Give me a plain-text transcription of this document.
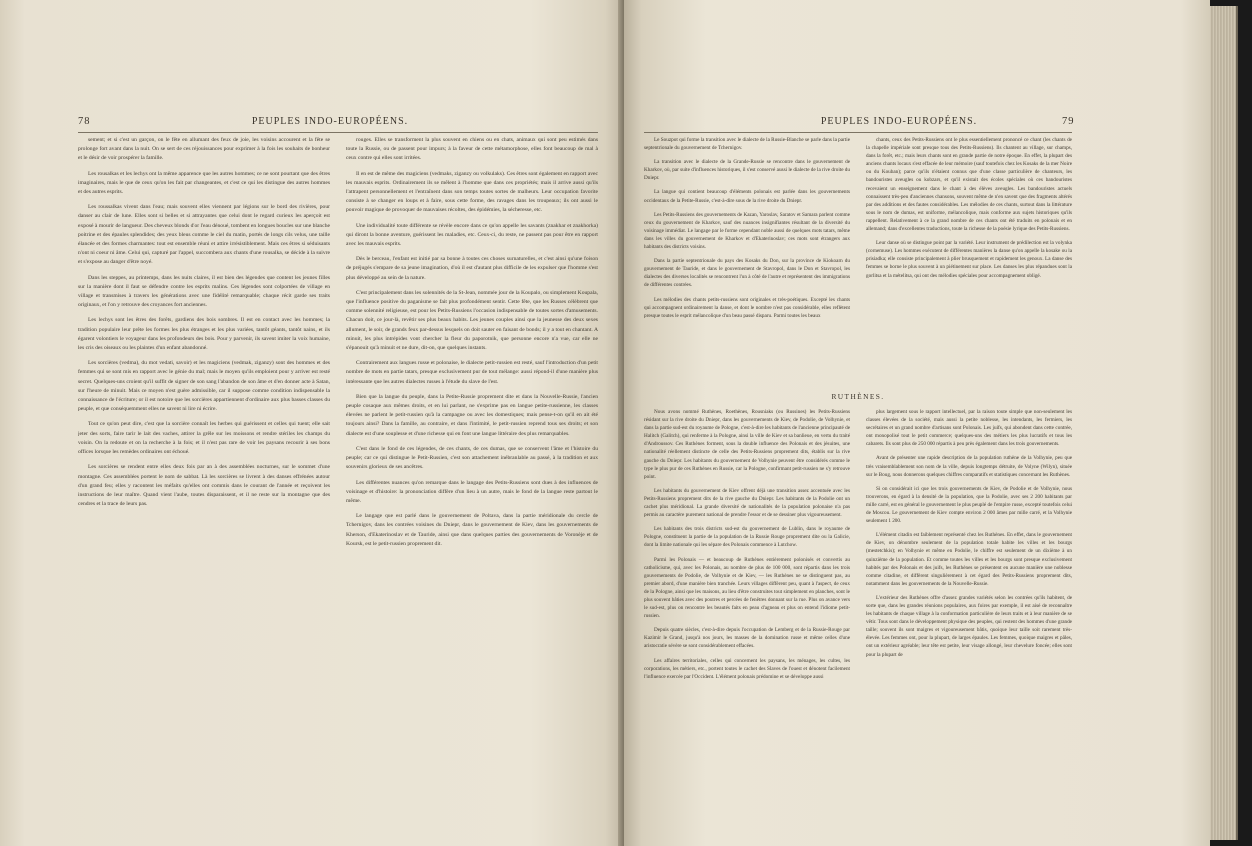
78	PEUPLES INDO-EUROPÉENS.

sement; et si c'est un garçon, on le fête en allumant des feux de joie, les voisins accourent et la fête se prolonge fort avant dans la nuit. On se sert de ces réjouissances pour exprimer à la fois les souhaits de bonheur et le désir de voir prospérer la famille.

Les rousalkas et les lechys ont la même apparence que les autres hommes; ce ne sont pourtant que des êtres imaginaires, mais le que de ceux qu'on les fait par changeantes, et c'est ce qui les distingue des autres hommes et des autres esprits.

Les roussalkas vivent dans l'eau; mais souvent elles viennent par légions sur le bord des rivières, pour danser au clair de lune. Elles sont si belles et si attrayantes que celui dont le regard curieux les aperçoit est exposé à mourir de langueur. Des cheveux blonds d'or l'eau dénoué, tombent en longues boucles sur une blanche poitrine et des épaules splendides; des yeux bleus comme le ciel du matin, portés de longs cils velus, une taille élancée et des formes charmantes: tout est ensemble réuni et attire irrésistiblement. Mais ces êtres si séduisants n'ont ni coeur ni âme. Celui qui, capturé par l'appel, succombera aux chants d'une rousalka, se décide à la suivre et s'expose au danger d'être noyé.

Dans les steppes, au printemps, dans les nuits claires, il est bien des légendes que content les jeunes filles sur la manière dont il faut se défendre contre les esprits malins. Ces légendes sont colportées de village en village et transmises à travers les générations avec une fidélité remarquable; chaque récit garde ses traits originaux, et l'on y retrouve des croyances fort anciennes.

Les lechys sont les êtres des forêts, gardiens des bois sombres. Il est en contact avec les hommes; la tradition populaire leur prête les formes les plus étranges et les plus variées, tantôt géants, tantôt nains, et ils égarent volontiers le voyageur dans les profondeurs des bois. Pour y parvenir, ils savent imiter la voix humaine, les cris des oiseaux ou les plaintes d'un enfant abandonné.

Les sorcières (vedma), du mot vedati, savoir) et les magiciens (vedmak, ziganzy) sont des hommes et des femmes qui se sont mis en rapport avec le génie du mal; mais le moyen qu'ils emploient pour y arriver est resté secret. Quelques-uns croient qu'il suffit de signer de son sang l'abandon de son âme et d'en donner acte à Satan, sur l'heure de minuit. Mais ce moyen n'est guère admissible, car il suppose comme condition indispensable la connaissance de l'écriture; or il est notoire que les sorcières appartiennent d'ordinaire aux plus basses classes du peuple, et que conséquemment elles ne savent ni lire ni écrire.

Tout ce qu'on peut dire, c'est que la sorcière connaît les herbes qui guérissent et celles qui tuent; elle sait jeter des sorts, faire tarir le lait des vaches, attirer la grêle sur les moissons et rendre stériles les champs du voisin. On la redoute et on la recherche à la fois; et il n'est pas rare de voir les paysans recourir à ses bons offices lorsque les remèdes ordinaires ont échoué.

Les sorcières se rendent entre elles deux fois par an à des assemblées nocturnes, sur le sommet d'une montagne. Ces assemblées portent le nom de sabbat. Là les sorcières se livrent à des danses effrénées autour d'un grand feu; elles y racontent les méfaits qu'elles ont commis dans le courant de l'année et reçoivent les instructions de leur maître. Quand vient l'aube, toutes disparaissent, et il ne reste sur la montagne que des cendres et la trace de leurs pas.

rouges. Elles se transforment la plus souvent en chiens ou en chats, animaux qui sont peu estimés dans toute la Russie, ou de passent pour impurs; à la faveur de cette métamorphose, elles font beaucoup de mal à ceux contre qui elles sont irritées.

Il en est de même des magiciens (vedmaks, ziganzy ou volkulaks). Ces êtres sont également en rapport avec les mauvais esprits. Ordinairement ils se mêlent à l'homme que dans ces propriétés; mais il arrive aussi qu'ils l'attrapent personnellement et l'entraînent dans son temps toutes sortes de malheurs. Leur occupation favorite consiste à se changer en loups et à faire, sous cette forme, des ravages dans les troupeaux; ils ont aussi le pouvoir magique de provoquer de mauvaises récoltes, des épidémies, la sécheresse, etc.

Une individualité toute différente se révèle encore dans ce qu'on appelle les savants (znakhar et znakhorka) qui diront la bonne aventure, guérissent les maladies, etc. Ceux-ci, du reste, ne passent pas pour être en rapport avec les mauvais esprits.

Dès le berceau, l'enfant est initié par sa bonne à toutes ces choses surnaturelles, et c'est ainsi qu'une foison de préjugés s'empare de sa jeune imagination, d'où il est d'autant plus difficile de les expulser que l'homme s'est plus développé au sein de la nature.

C'est principalement dans les solennités de la St-Jean, nommée jour de la Koupalo, ou simplement Koupala, que l'influence positive du paganisme se fait plus profondément sentir. Cette fête, que les Russes célèbrent que comme solennité religieuse, est pour les Petits-Russiens l'occasion indispensable de toutes sortes d'amusements. Chacun doit, ce jour-là, revêtir ses plus beaux habits. Les jeunes couples ainsi que la jeunesse des deux sexes allument, le soir, de grands feux par-dessus lesquels on doit sauter en faisant de bonds; il y a tout en chantant. A minuit, les plus intrépides vont chercher la fleur du paporotnik, que personne encore n'a vue, car elle ne s'épanouit qu'à minuit et ne dure, dit-on, que quelques instants.

Contrairement aux langues russe et polonaise, le dialecte petit-russien est resté, sauf l'introduction d'un petit nombre de mots en partie tatars, presque exclusivement pur de tout mélange: aussi répond-il d'une manière plus intéressante que les autres dialectes russes à l'étude du slave de l'est.

Bien que la langue du peuple, dans la Petite-Russie proprement dite et dans la Nouvelle-Russie, l'ancien peuple cosaque aux mêmes droits, et en lui parlant, ne s'exprime pas en langue petite-russienne, les classes élevées ne parlent le petit-russien qu'à la campagne ou avec les domestiques; mais pense-t-on qu'il en ait été toujours ainsi? Dans la famille, au contraire, et dans l'intimité, le petit-russien reprend tous ses droits; et son dialecte est d'une souplesse et d'une richesse qui en font une langue littéraire des plus remarquables.

C'est dans le fond de ces légendes, de ces chants, de ces dumas, que se conservent l'âme et l'histoire du peuple; car ce qui distingue le Petit-Russien, c'est son attachement inébranlable au passé, à la tradition et aux souvenirs glorieux de ses ancêtres.

Les différentes nuances qu'on remarque dans le langage des Petits-Russiens sont dues à des influences de voisinage et d'histoire: la prononciation diffère d'un lieu à un autre, mais le fond de la langue reste partout le même.

Le langage que est parlé dans le gouvernement de Poltava, dans la partie méridionale du cercle de Tchernigov, dans les contrées voisines du Dniepr, dans le gouvernement de Kiev, dans les gouvernements de Kherson, d'Ekaterinoslav et de Tauride, ainsi que dans quelques parties des gouvernements de Voronèje et de Koursk, est le petit-russien proprement dit.

PEUPLES INDO-EUROPÉENS.	79

Le Souzpot qui forme la transition avec le dialecte de la Russie-Blanche se parle dans la partie septentrionale du gouvernement de Tchernigov.

La transition avec le dialecte de la Grande-Russie se rencontre dans le gouvernement de Kharkov, où, par suite d'influences historiques, il s'est conservé aussi le dialecte de la rive droite du Dniepr.

La langue qui contient beaucoup d'éléments polonais est parlée dans les gouvernements occidentaux de la Petite-Russie, c'est-à-dire sous de la rive droite du Dniepr.

Les Petits-Russiens des gouvernements de Kazan, Yaroslav, Saratov et Samara parlent comme ceux du gouvernement de Kharkov, sauf des nuances insignifiantes résultant de la diversité du voisinage immédiat. Le langage par le forme cependant noble aussi de quelques mots tatars, même dans les villes du gouvernement de Kharkov et d'Ekaterinoslav; ces mots sont étrangers aux habitants des districts voisins.

Dans la partie septentrionale du pays des Kosaks du Don, sur la province de Kiokoarn du gouvernement de Tauride, et dans le gouvernement de Stavropol, dans le Don et Stavropol, les dialectes des diverses localités se rencontrent l'un à côté de l'autre et représentent des immigrations de différentes contrées.

Les mélodies des chants petits-russiens sont originales et très-poétiques. Excepté les chants qui accompagnent ordinairement la danse, et dont le nombre n'est pas considérable, elles reflètent presque toutes le esprit mélancolique d'un beau passé disparu. Parmi toutes les beaux

chants, ceux des Petits-Russiens ont le plus essentiellement prononcé ce chant (les chants de la chapelle impériale sont presque tous des Petits-Russiens). Ils chantent au village, sur champs, dans la forêt, etc.; mais leurs chants sont en grande partie de notre époque. En effet, la plupart des anciens chants locaux s'est effacée de leur mémoire (sauf toutefois chez les Kosaks de la mer Noire ou du Kouban); parce qu'ils n'étaient connus que d'une classe particulière de chanteurs, les bandouristes aveugles ou kobzars, et qu'il existait des écoles spéciales où ces bandouristes recevaient un enseignement dans le chant à des élèves aveugles. Les bandouristes actuels connaissent très-peu d'anciennes chansons, souvent même de n'en savent que des fragments altérés par des additions et des fautes considérables. Les mélodies de ces chants, surtout dans la littérature sous le nom de dumas, est uniforme, mélancolique, mais conforme aux sujets historiques qu'ils rappellent. Relativement à ce la grand nombre de ces chants ont été traduits en polonais et en allemand; dans d'excellentes traductions, toute la richesse de la poésie lyrique des Petits-Russiens.

Leur danse où se distingue point par la variété. Leur instrument de prédilection est la volynka (cornemuse). Les hommes exécutent de différentes manières la danse qu'on appelle la kosake ou la prisiadka; elle consiste principalement à plier brusquement et rapidement les genoux. La danse des femmes se borne le plus souvent à un piétinement sur place. Les danses les plus répandues sont la gorlitsa et la mételitsa, qui ont des mélodies spéciales pour accompagnement obligé.

RUTHÈNES.

Nous avons nommé Ruthènes, Roethènes, Rousniaks (ou Russines) les Petits-Russiens résidant sur la rive droite du Dniepr, dans les gouvernements de Kiev, de Podolie, de Volhynie, et dans la partie sud-est du royaume de Pologne, c'est-à-dire les habitants de l'ancienne principauté de Halitch (Galitch), qui renferme à la Pologne, ainsi la ville de Kiev et sa banlieue, en vertu du traité d'Androussov. Ces Ruthènes forment, sous la double influence des Polonais et des jésuites, une nationalité réellement distincte de celle des Petits-Russiens proprement dits, établis sur la rive gauche du Dniepr. Les habitants du gouvernement de Volhynie peuvent être considérés comme le type le plus pur de ces Ruthènes en Russie, car la Pologne, confirmant petit-russien ne s'y retrouve point.

Les habitants du gouvernement de Kiev offrent déjà une transition assez accentuée avec les Petits-Russiens proprement dits de la rive gauche du Dniepr. Les habitants de la Podolie ont un cachet plus méridional. La grande diversité de nationalités de la population polonaise n'a pas permis au caractère purement national de prendre l'essor et de se dessiner plus vigoureusement.

Les habitants des trois districts sud-est du gouvernement de Lublin, dans le royaume de Pologne, constituent la partie de la population de la Russie Rouge proprement dite ou la Galicie, dont la limite nationale qui les sépare des Polonais commence à Lutchow.

Parmi les Polonais — et beaucoup de Ruthènes entièrement polonisés et convertis au catholicisme, qui, avec les Polonais, au nombre de plus de 100 000, sont répartis dans les trois gouvernements de Podolie, de Volhynie et de Kiev, — les Ruthènes ne se distinguent pas, au premier abord, d'une manière bien tranchée. Leurs villages diffèrent peu, quant à l'aspect, de ceux de la Pologne, ainsi que les maisons, au lieu d'être construites tout simplement en planches, sont le plus souvent bâties avec des poutres et percées de fenêtres donnant sur la rue. Plus on avance vers le sud-est, plus on rencontre les beautés faits en peau d'agneau et plus on entend l'idiome petit-russien.

Depuis quatre siècles, c'est-à-dire depuis l'occupation de Lemberg et de la Russie-Rouge par Kazimir le Grand, jusqu'à nos jours, les masses de la domination russe et même celles d'une aristocratie sévère se sont considérablement effacées.

Les affaires territoriales, celles qui concernent les paysans, les ménages, les cultes, les corporations, les métiers, etc., portent toutes le cachet des Slaves de l'ouest et dénotent facilement l'influence exercée par l'Occident. L'élément polonais prédomine et se développe aussi

plus largement sous le rapport intellectuel, par la raison toute simple que non-seulement les classes élevées de la société, mais aussi la petite noblesse, les intendants, les fermiers, les secrétaires et un grand nombre d'artisans sont Polonais. Les juifs, qui abondent dans cette contrée, ont monopolisé tout le petit commerce; quelques-uns des métiers les plus lucratifs et tous les cabarets. Ils sont plus de 250 000 répartis à peu près également dans les trois gouvernements.

Avant de présenter une rapide description de la population ruthène de la Volhynie, peu que très vraisemblablement son nom de la ville, depuis longtemps détruite, de Volyne (Wilyn), située sur le Boug, nous donnerons quelques chiffres comparatifs et statistiques concernant les Ruthènes.

Si on considérait ici que les trois gouvernements de Kiev, de Podolie et de Volhynie, nous trouverons, en égard à la densité de la population, que la Podolie, avec ses 2 200 habitants par mille carré, est en général le gouvernement le plus peuplé de l'empire russe, excepté toutefois celui de Moscou. Le gouvernement de Kiev compte environ 2 000 âmes par mille carré, et la Volhynie seulement 1 200.

L'élément citadin est faiblement représenté chez les Ruthènes. En effet, dans le gouvernement de Kiev, on dénombre seulement de la population totale habite les villes et les bourgs (mestetchkis); en Volhynie et même en Podolie, le chiffre est seulement de un dixième à un quinzième de la population. Et comme toutes les villes et les bourgs sont presque exclusivement habités par des Polonais et des juifs, les Ruthènes se présentent en aucune manière une noblesse comme citadine, et diffèrent singulièrement à cet égard des Petits-Russiens proprement dits, notamment dans les gouvernements de la Nouvelle-Russie.

L'extérieur des Ruthènes offre d'assez grandes variétés selon les contrées qu'ils habitent, de sorte que, dans les grandes réunions populaires, aux foires par exemple, il est aisé de reconnaître les habitants de chaque village à la conformation particulière de leurs traits et à leur manière de se vêtir. Tous sont dans le développement physique des peuples, qui restent des hommes d'une grande taille; souvent ils sont maigres et vigoureusement bâtis, quoique leur taille soit rarement très-élevée. Les femmes ont, pour la plupart, de larges épaules. Les femmes, quoique maigres et pâles, ont un extérieur agréable; leur tête est petite, leur visage allongé, leur chevelure foncée; elles sont pour la plupart de
